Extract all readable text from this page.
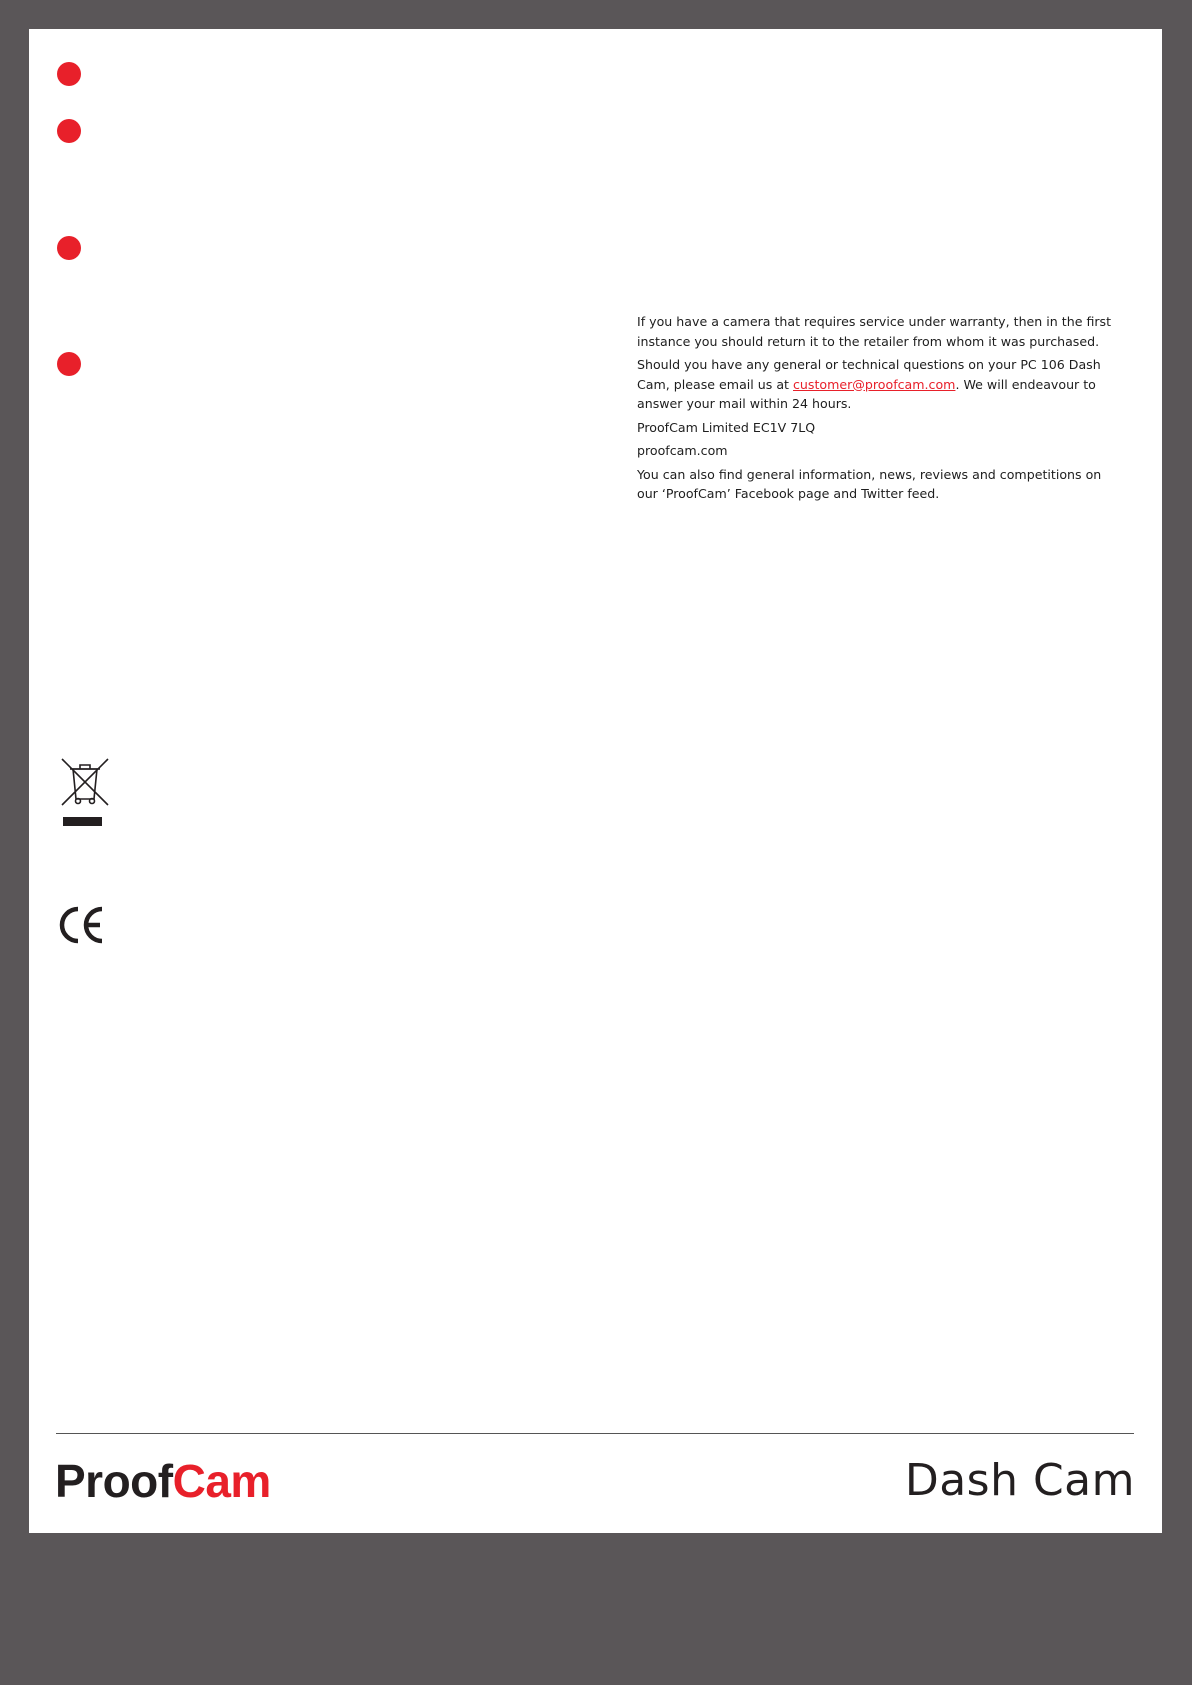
If you have a camera that requires service under warranty, then in the first instance you should return it to the retailer from whom it was purchased.

Should you have any general or technical questions on your PC 106 Dash Cam, please email us at customer@proofcam.com. We will endeavour to answer your mail within 24 hours.

ProofCam Limited EC1V 7LQ

proofcam.com

You can also find general information, news, reviews and competitions on our ‘ProofCam’ Facebook page and Twitter feed.

ProofCam	Dash Cam
